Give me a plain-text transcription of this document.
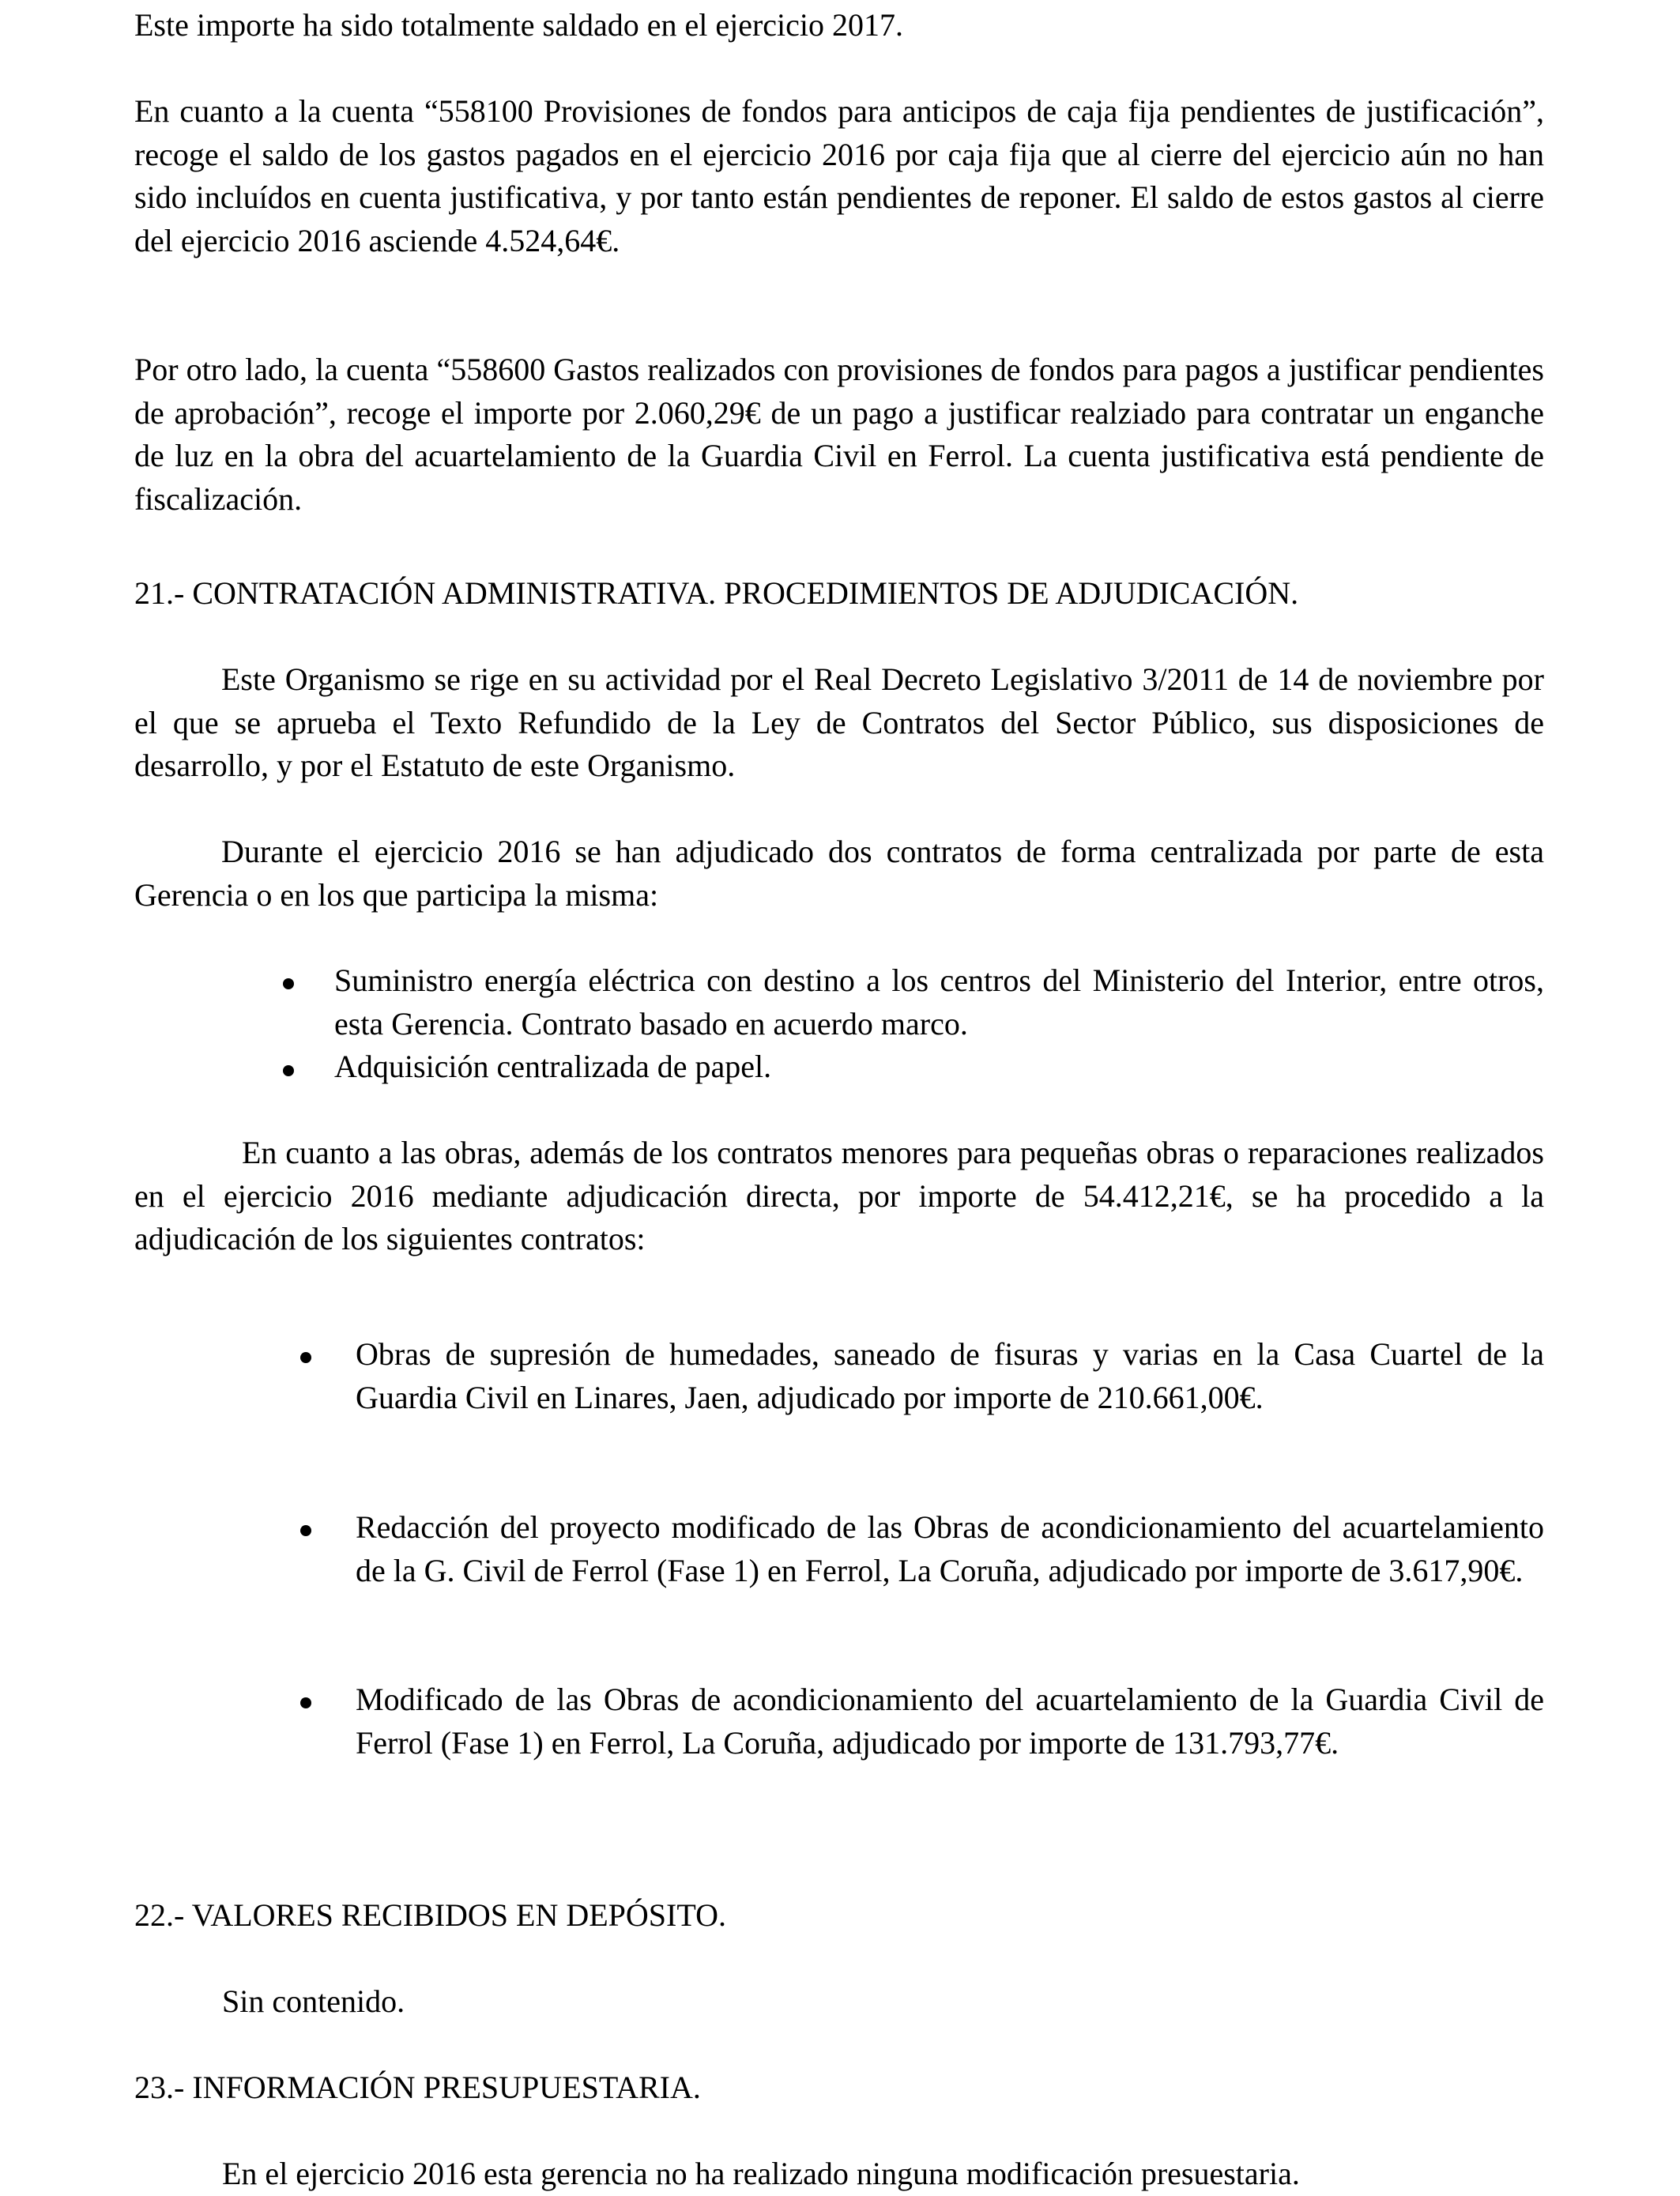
Este importe ha sido totalmente saldado en el ejercicio 2017.

En cuanto a la cuenta “558100 Provisiones de fondos para anticipos de caja fija pendientes de justificación”, recoge el saldo de los gastos pagados en el ejercicio 2016 por caja fija que al cierre del ejercicio aún no han sido incluídos en cuenta justificativa, y por tanto están pendientes de reponer. El saldo de estos gastos al cierre del ejercicio 2016 asciende 4.524,64€.

Por otro lado, la cuenta “558600 Gastos realizados con provisiones de fondos para pagos a justificar pendientes de aprobación”, recoge el importe por 2.060,29€ de un pago a justificar realziado para contratar un enganche de luz en la obra del acuartelamiento de la Guardia Civil en Ferrol. La cuenta justificativa está pendiente de fiscalización.

21.- CONTRATACIÓN ADMINISTRATIVA. PROCEDIMIENTOS DE ADJUDICACIÓN.

Este Organismo se rige en su actividad por el Real Decreto Legislativo 3/2011 de 14 de noviembre por el que se aprueba el Texto Refundido de la Ley de Contratos del Sector Público, sus disposiciones de desarrollo, y por el Estatuto de este Organismo.

Durante el ejercicio 2016 se han adjudicado dos contratos de forma centralizada por parte de esta Gerencia o en los que participa la misma:

Suministro energía eléctrica con destino a los centros del Ministerio del Interior, entre otros, esta Gerencia. Contrato basado en acuerdo marco.

Adquisición centralizada de papel.

En cuanto a las obras, además de los contratos menores para pequeñas obras o reparaciones realizados en el ejercicio 2016 mediante adjudicación directa, por importe de 54.412,21€, se ha procedido a la adjudicación de los siguientes contratos:

Obras de supresión de humedades, saneado de fisuras y varias en la Casa Cuartel de la Guardia Civil en Linares, Jaen, adjudicado por importe de 210.661,00€.

Redacción del proyecto modificado de las Obras de acondicionamiento del acuartelamiento de la G. Civil de Ferrol (Fase 1) en Ferrol, La Coruña, adjudicado por importe de 3.617,90€.

Modificado de las Obras de acondicionamiento del acuartelamiento de la Guardia Civil de Ferrol (Fase 1) en Ferrol, La Coruña, adjudicado por importe de 131.793,77€.

22.- VALORES RECIBIDOS EN DEPÓSITO.

Sin contenido.

23.- INFORMACIÓN PRESUPUESTARIA.

En el ejercicio 2016 esta gerencia no ha realizado ninguna modificación presuestaria.
